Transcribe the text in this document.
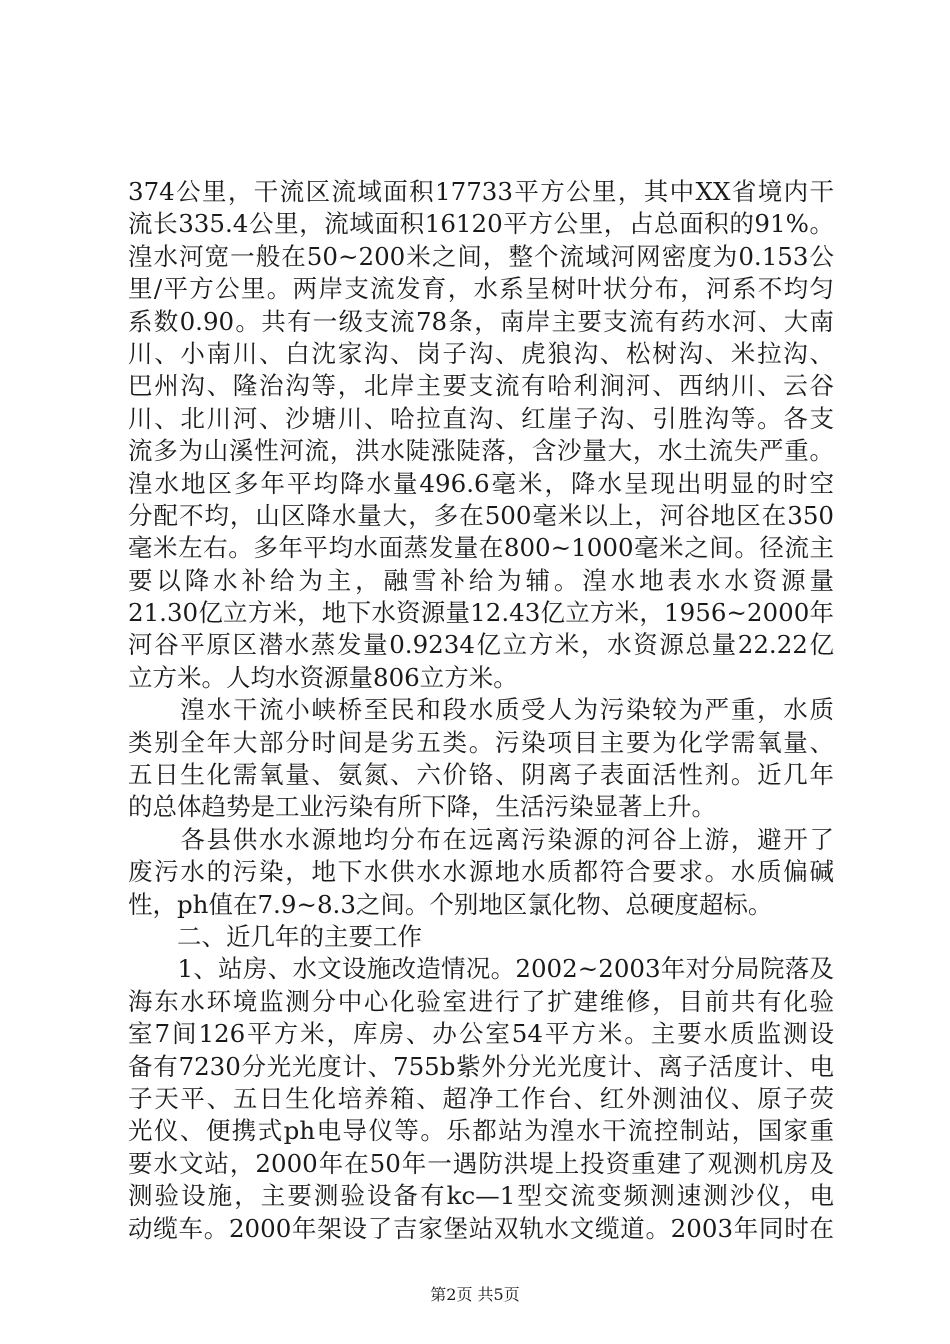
374公里，干流区流域面积17733平方公里，其中XX省境内干
流长335.4公里，流域面积16120平方公里，占总面积的91%。
湟水河宽一般在50~200米之间，整个流域河网密度为0.153公
里/平方公里。两岸支流发育，水系呈树叶状分布，河系不均匀
系数0.90。共有一级支流78条，南岸主要支流有药水河、大南
川、小南川、白沈家沟、岗子沟、虎狼沟、松树沟、米拉沟、
巴州沟、隆治沟等，北岸主要支流有哈利涧河、西纳川、云谷
川、北川河、沙塘川、哈拉直沟、红崖子沟、引胜沟等。各支
流多为山溪性河流，洪水陡涨陡落，含沙量大，水土流失严重。
湟水地区多年平均降水量496.6毫米，降水呈现出明显的时空
分配不均，山区降水量大，多在500毫米以上，河谷地区在350
毫米左右。多年平均水面蒸发量在800~1000毫米之间。径流主
要以降水补给为主，融雪补给为辅。湟水地表水水资源量
21.30亿立方米，地下水资源量12.43亿立方米，1956~2000年
河谷平原区潜水蒸发量0.9234亿立方米，水资源总量22.22亿
立方米。人均水资源量806立方米。
　　湟水干流小峡桥至民和段水质受人为污染较为严重，水质
类别全年大部分时间是劣五类。污染项目主要为化学需氧量、
五日生化需氧量、氨氮、六价铬、阴离子表面活性剂。近几年
的总体趋势是工业污染有所下降，生活污染显著上升。
　　各县供水水源地均分布在远离污染源的河谷上游，避开了
废污水的污染，地下水供水水源地水质都符合要求。水质偏碱
性，ph值在7.9~8.3之间。个别地区氯化物、总硬度超标。
　　二、近几年的主要工作
　　1、站房、水文设施改造情况。2002~2003年对分局院落及
海东水环境监测分中心化验室进行了扩建维修，目前共有化验
室7间126平方米，库房、办公室54平方米。主要水质监测设
备有7230分光光度计、755b紫外分光光度计、离子活度计、电
子天平、五日生化培养箱、超净工作台、红外测油仪、原子荧
光仪、便携式ph电导仪等。乐都站为湟水干流控制站，国家重
要水文站，2000年在50年一遇防洪堤上投资重建了观测机房及
测验设施，主要测验设备有kc—1型交流变频测速测沙仪，电
动缆车。2000年架设了吉家堡站双轨水文缆道。2003年同时在
第2页 共5页
